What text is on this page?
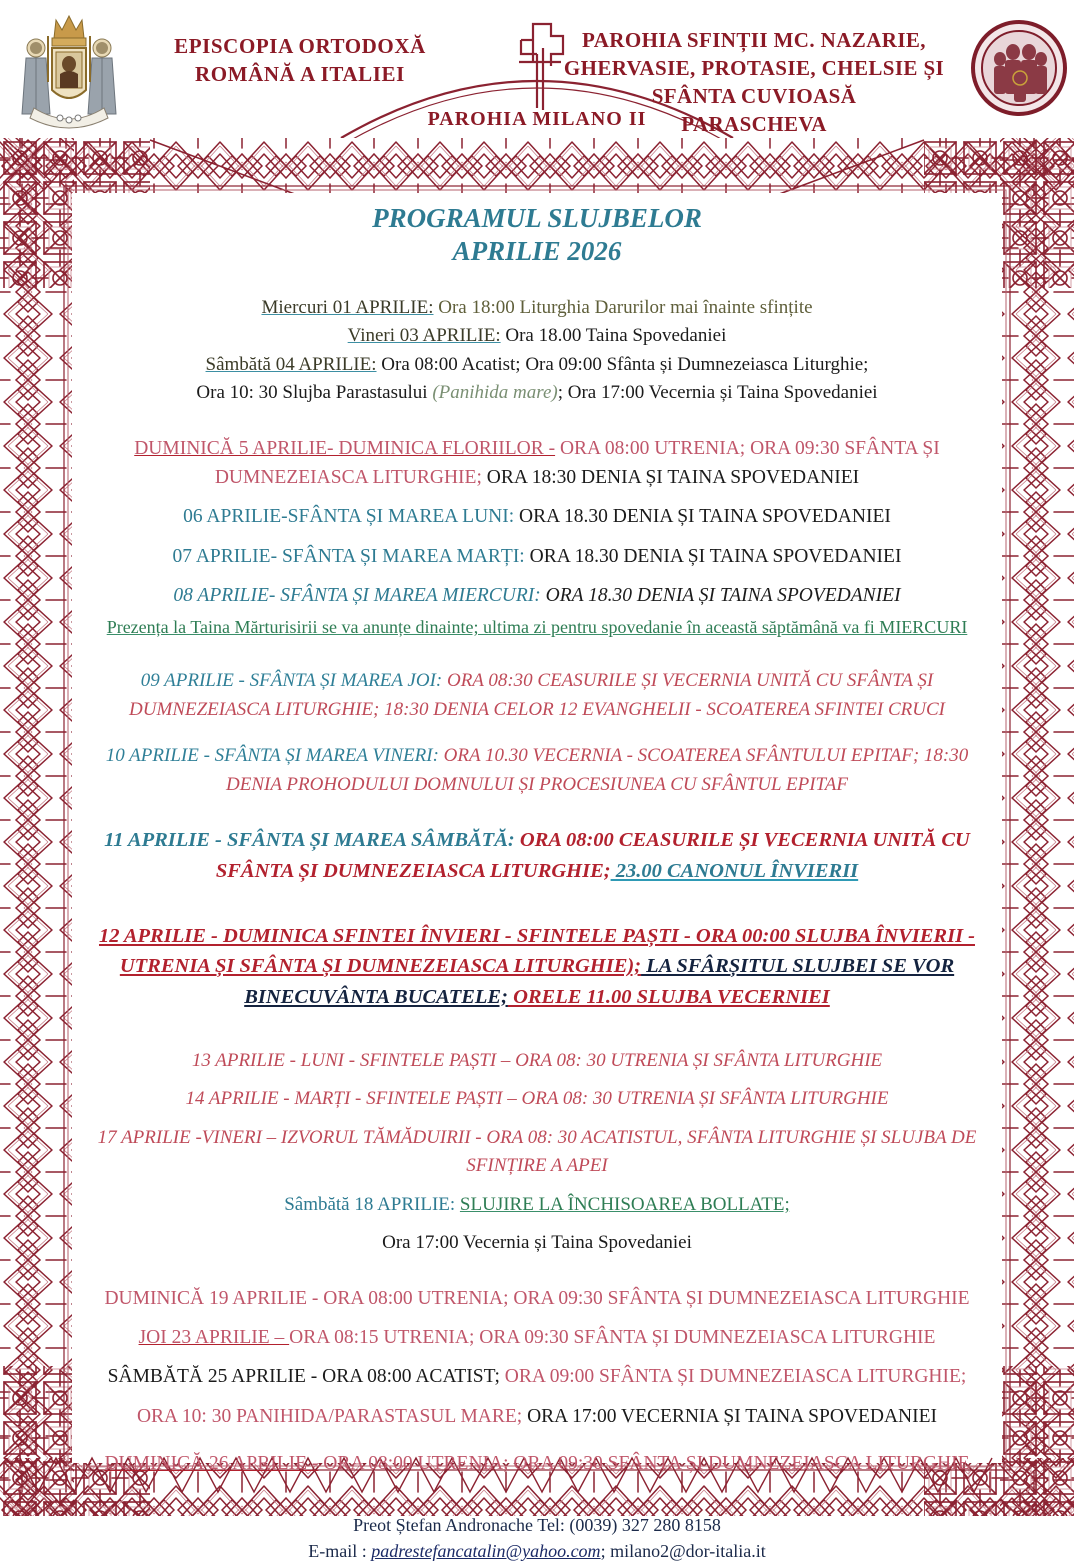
EPISCOPIA ORTODOXĂ
ROMÂNĂ A ITALIEI
PAROHIA MILANO II
PAROHIA SFINȚII MC. NAZARIE,
GHERVASIE, PROTASIE, CHELSIE ȘI
SFÂNTA CUVIOASĂ
PARASCHEVA
PROGRAMUL SLUJBELOR
APRILIE 2026

Miercuri 01 APRILIE: Ora 18:00 Liturghia Darurilor mai înainte sfințite

Vineri 03 APRILIE: Ora 18.00 Taina Spovedaniei

Sâmbătă 04 APRILIE: Ora 08:00 Acatist; Ora 09:00 Sfânta și Dumnezeiasca Liturghie;

Ora 10: 30 Slujba Parastasului (Panihida mare); Ora 17:00 Vecernia și Taina Spovedaniei

DUMINICĂ 5 APRILIE- DUMINICA FLORIILOR - ORA 08:00 UTRENIA; ORA 09:30 SFÂNTA ȘI

DUMNEZEIASCA LITURGHIE; ORA 18:30 DENIA ȘI TAINA SPOVEDANIEI

06 APRILIE-SFÂNTA ȘI MAREA LUNI: ORA 18.30 DENIA ȘI TAINA SPOVEDANIEI

07 APRILIE- SFÂNTA ȘI MAREA MARȚI: ORA 18.30 DENIA ȘI TAINA SPOVEDANIEI

08 APRILIE- SFÂNTA ȘI MAREA MIERCURI: ORA 18.30 DENIA ȘI TAINA SPOVEDANIEI

Prezența la Taina Mărturisirii se va anunțe dinainte; ultima zi pentru spovedanie în această săptămână va fi MIERCURI

09 APRILIE - SFÂNTA ȘI MAREA JOI: ORA 08:30 CEASURILE ȘI VECERNIA UNITĂ CU SFÂNTA ȘI

DUMNEZEIASCA LITURGHIE; 18:30 DENIA CELOR 12 EVANGHELII - SCOATEREA SFINTEI CRUCI

10 APRILIE - SFÂNTA ȘI MAREA VINERI: ORA 10.30 VECERNIA - SCOATEREA SFÂNTULUI EPITAF; 18:30

DENIA PROHODULUI DOMNULUI ȘI PROCESIUNEA CU SFÂNTUL EPITAF

11 APRILIE - SFÂNTA ȘI MAREA SÂMBĂTĂ: ORA 08:00 CEASURILE ȘI VECERNIA UNITĂ CU

SFÂNTA ȘI DUMNEZEIASCA LITURGHIE; 23.00 CANONUL ÎNVIERII

12 APRILIE - DUMINICA SFINTEI ÎNVIERI - SFINTELE PAȘTI - ORA 00:00 SLUJBA ÎNVIERII -

UTRENIA ȘI SFÂNTA ȘI DUMNEZEIASCA LITURGHIE); LA SFÂRȘITUL SLUJBEI SE VOR

BINECUVÂNTA BUCATELE; ORELE 11.00 SLUJBA VECERNIEI

13 APRILIE - LUNI - SFINTELE PAȘTI – ORA 08: 30 UTRENIA ȘI SFÂNTA LITURGHIE

14 APRILIE - MARȚI - SFINTELE PAȘTI – ORA 08: 30 UTRENIA ȘI SFÂNTA LITURGHIE

17 APRILIE -VINERI – IZVORUL TĂMĂDUIRII - ORA 08: 30 ACATISTUL, SFÂNTA LITURGHIE ȘI SLUJBA DE

SFINȚIRE A APEI

Sâmbătă 18 APRILIE: SLUJIRE LA ÎNCHISOAREA BOLLATE;

Ora 17:00 Vecernia și Taina Spovedaniei

DUMINICĂ 19 APRILIE - ORA 08:00 UTRENIA; ORA 09:30 SFÂNTA ȘI DUMNEZEIASCA LITURGHIE

JOI 23 APRILIE – ORA 08:15 UTRENIA; ORA 09:30 SFÂNTA ȘI DUMNEZEIASCA LITURGHIE

SÂMBĂTĂ 25 APRILIE - ORA 08:00 ACATIST; ORA 09:00 SFÂNTA ȘI DUMNEZEIASCA LITURGHIE;

ORA 10: 30 PANIHIDA/PARASTASUL MARE; ORA 17:00 VECERNIA ȘI TAINA SPOVEDANIEI

DUMINICĂ 26 APRILIE - ORA 08:00 UTRENIA; ORA 09:30 SFÂNTA ȘI DUMNEZEIASCA LITURGHIE

Preot Ștefan Andronache Tel: (0039) 327 280 8158
E-mail : padrestefancatalin@yahoo.com; milano2@dor-italia.it
